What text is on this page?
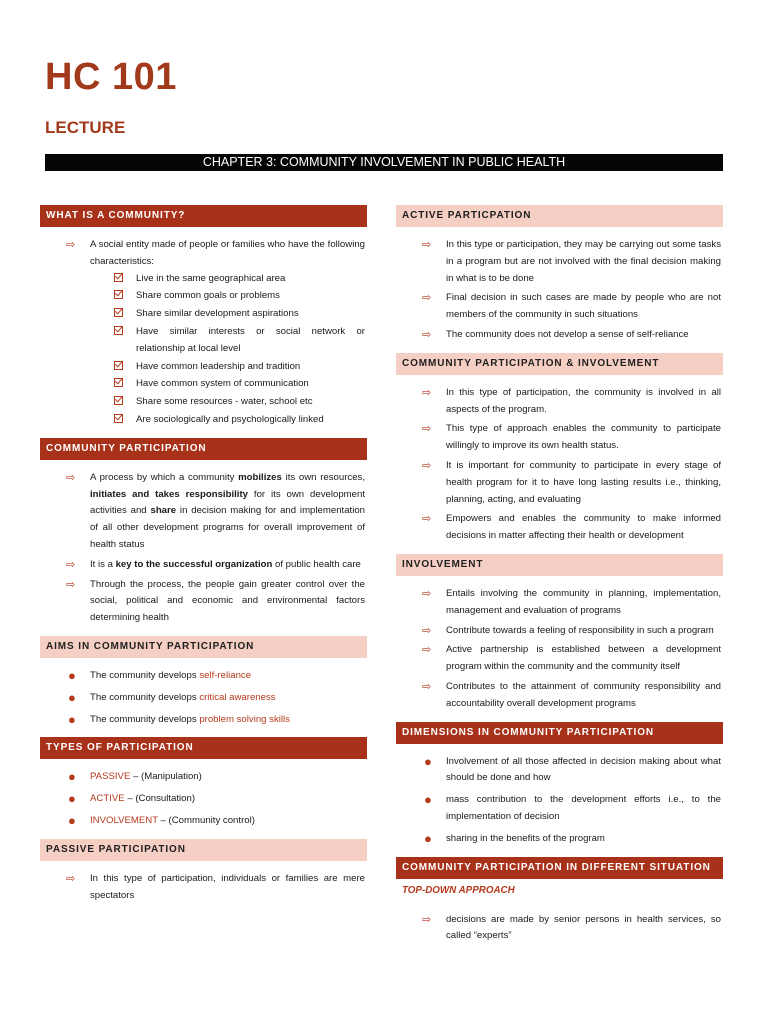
HC 101
LECTURE
CHAPTER 3: COMMUNITY INVOLVEMENT IN PUBLIC HEALTH
WHAT IS A COMMUNITY?
⇨ A social entity made of people or families who have the following characteristics:
Live in the same geographical area
Share common goals or problems
Share similar development aspirations
Have similar interests or social network or relationship at local level
Have common leadership and tradition
Have common system of communication
Share some resources - water, school etc
Are sociologically and psychologically linked
COMMUNITY PARTICIPATION
⇨ A process by which a community mobilizes its own resources, initiates and takes responsibility for its own development activities and share in decision making for and implementation of all other development programs for overall improvement of health status
⇨ It is a key to the successful organization of public health care
⇨ Through the process, the people gain greater control over the social, political and economic and environmental factors determining health
AIMS IN COMMUNITY PARTICIPATION
● The community develops self-reliance
● The community develops critical awareness
● The community develops problem solving skills
TYPES OF PARTICIPATION
● PASSIVE – (Manipulation)
● ACTIVE – (Consultation)
● INVOLVEMENT – (Community control)
PASSIVE PARTICIPATION
⇨ In this type of participation, individuals or families are mere spectators
ACTIVE PARTICPATION
⇨ In this type or participation, they may be carrying out some tasks in a program but are not involved with the final decision making in what is to be done
⇨ Final decision in such cases are made by people who are not members of the community in such situations
⇨ The community does not develop a sense of self-reliance
COMMUNITY PARTICIPATION & INVOLVEMENT
⇨ In this type of participation, the community is involved in all aspects of the program.
⇨ This type of approach enables the community to participate willingly to improve its own health status.
⇨ It is important for community to participate in every stage of health program for it to have long lasting results i.e., thinking, planning, acting, and evaluating
⇨ Empowers and enables the community to make informed decisions in matter affecting their health or development
INVOLVEMENT
⇨ Entails involving the community in planning, implementation, management and evaluation of programs
⇨ Contribute towards a feeling of responsibility in such a program
⇨ Active partnership is established between a development program within the community and the community itself
⇨ Contributes to the attainment of community responsibility and accountability overall development programs
DIMENSIONS IN COMMUNITY PARTICIPATION
● Involvement of all those affected in decision making about what should be done and how
● mass contribution to the development efforts i.e., to the implementation of decision
● sharing in the benefits of the program
COMMUNITY PARTICIPATION IN DIFFERENT SITUATION
TOP-DOWN APPROACH
⇨ decisions are made by senior persons in health services, so called “experts”
